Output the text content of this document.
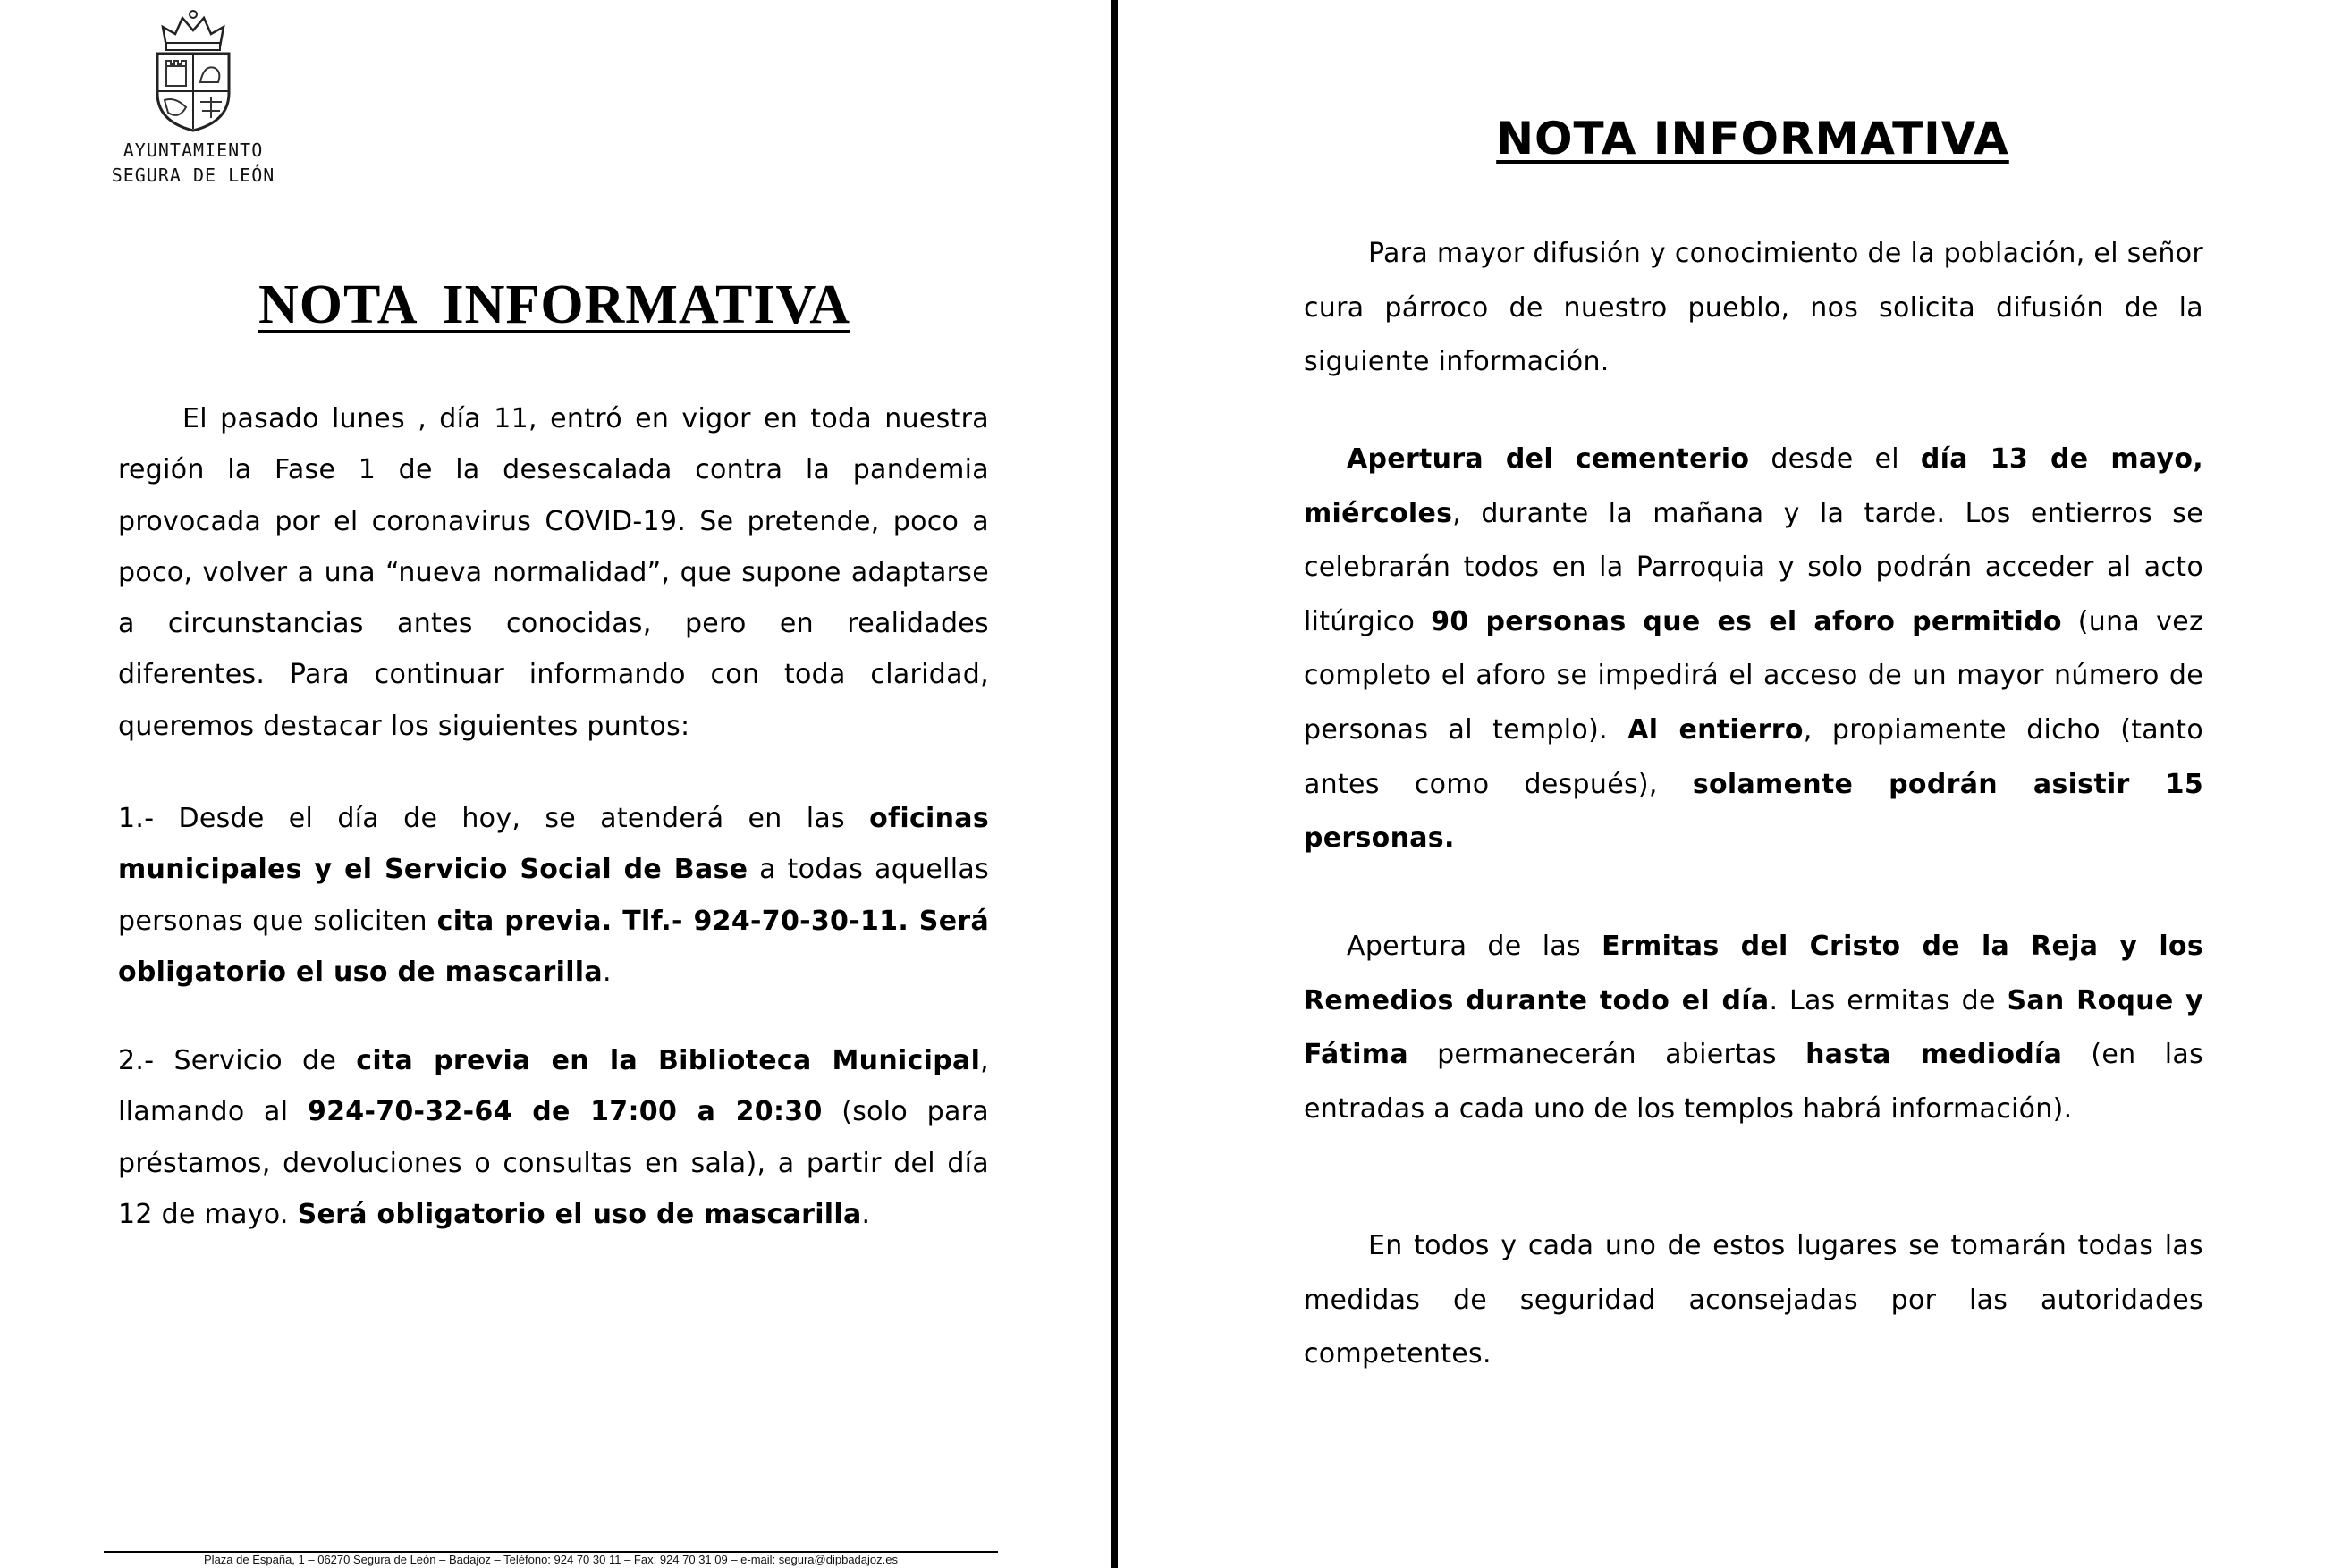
AYUNTAMIENTO
SEGURA DE LEÓN
NOTA INFORMATIVA

El pasado lunes , día 11, entró en vigor en toda nuestra región la Fase 1 de la desescalada contra la pandemia provocada por el coronavirus COVID-19. Se pretende, poco a poco, volver a una “nueva normalidad”, que supone adaptarse a circunstancias antes conocidas, pero en realidades diferentes. Para continuar informando con toda claridad, queremos destacar los siguientes puntos:

1.- Desde el día de hoy, se atenderá en las oficinas municipales y el Servicio Social de Base a todas aquellas personas que soliciten cita previa. Tlf.- 924-70-30-11. Será obligatorio el uso de mascarilla.

2.- Servicio de cita previa en la Biblioteca Municipal, llamando al 924-70-32-64 de 17:00 a 20:30 (solo para préstamos, devoluciones o consultas en sala), a partir del día 12 de mayo. Será obligatorio el uso de mascarilla.

Plaza de España, 1 – 06270 Segura de León – Badajoz – Teléfono: 924 70 30 11 – Fax: 924 70 31 09 – e-mail: segura@dipbadajoz.es
NOTA INFORMATIVA

Para mayor difusión y conocimiento de la población, el señor cura párroco de nuestro pueblo, nos solicita difusión de la siguiente información.

Apertura del cementerio desde el día 13 de mayo, miércoles, durante la mañana y la tarde. Los entierros se celebrarán todos en la Parroquia y solo podrán acceder al acto litúrgico 90 personas que es el aforo permitido (una vez completo el aforo se impedirá el acceso de un mayor número de personas al templo). Al entierro, propiamente dicho (tanto antes como después), solamente podrán asistir 15 personas.

Apertura de las Ermitas del Cristo de la Reja y los Remedios durante todo el día. Las ermitas de San Roque y Fátima permanecerán abiertas hasta mediodía (en las entradas a cada uno de los templos habrá información).

En todos y cada uno de estos lugares se tomarán todas las medidas de seguridad aconsejadas por las autoridades competentes.
